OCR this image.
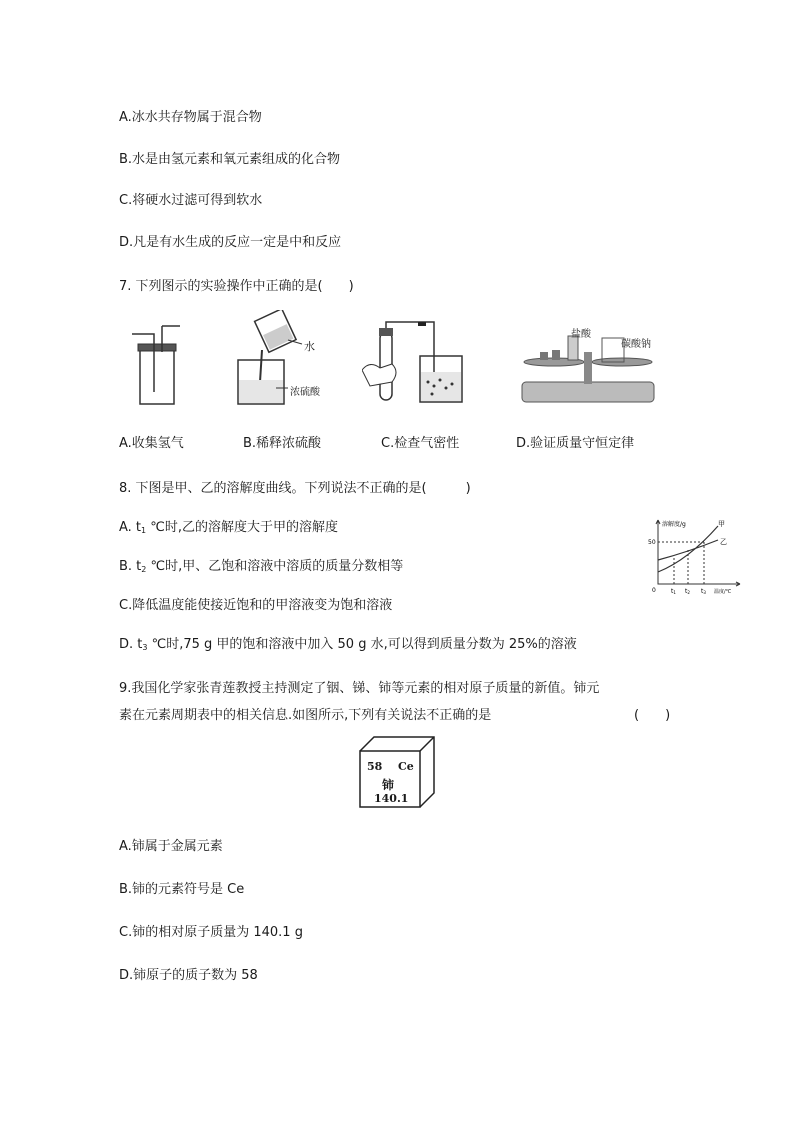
A.冰水共存物属于混合物
B.水是由氢元素和氧元素组成的化合物
C.将硬水过滤可得到软水
D.凡是有水生成的反应一定是中和反应
7. 下列图示的实验操作中正确的是(　　)
水
浓硫酸
盐酸
碳酸钠
A.收集氢气	B.稀释浓硫酸	C.检查气密性	D.验证质量守恒定律
8. 下图是甲、乙的溶解度曲线。下列说法不正确的是(　　　)
A. t1 ℃时,乙的溶解度大于甲的溶解度
B. t2 ℃时,甲、乙饱和溶液中溶质的质量分数相等
C.降低温度能使接近饱和的甲溶液变为饱和溶液
D. t3 ℃时,75 g 甲的饱和溶液中加入 50 g 水,可以得到质量分数为 25%的溶液
溶解度/g	甲
乙
50
0	t1 t2 t3 温度/℃
9.我国化学家张青莲教授主持测定了铟、锑、铈等元素的相对原子质量的新值。铈元
素在元素周期表中的相关信息.如图所示,下列有关说法不正确的是	(　　)
58 Ce
铈
140.1
A.铈属于金属元素
B.铈的元素符号是 Ce
C.铈的相对原子质量为 140.1 g
D.铈原子的质子数为 58
